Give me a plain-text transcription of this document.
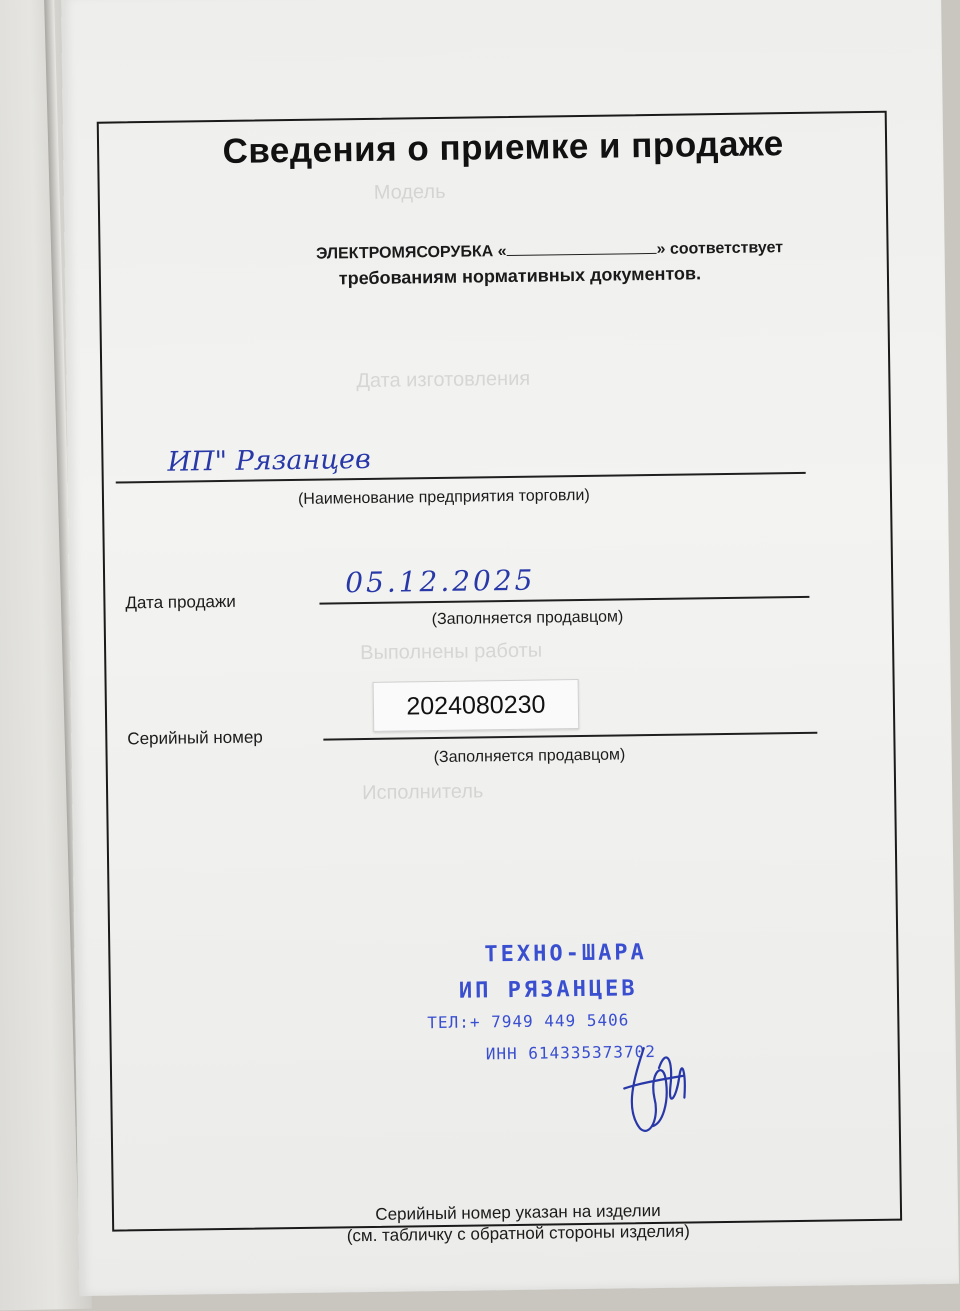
Модель
Дата изготовления
Выполнены работы
Исполнитель
Сведения о приемке и продаже
ЭЛЕКТРОМЯСОРУБКА «	» соответствует
требованиям нормативных документов.
ИП" Рязанцев
(Наименование предприятия торговли)
Дата продажи
05.12.2025
(Заполняется продавцом)
2024080230
Серийный номер
(Заполняется продавцом)
ТЕХНО-ШАРА
ИП РЯЗАНЦЕВ
ТЕЛ:+ 7949 449 5406
ИНН 614335373702
Серийный номер указан на изделии
(см. табличку с обратной стороны изделия)
